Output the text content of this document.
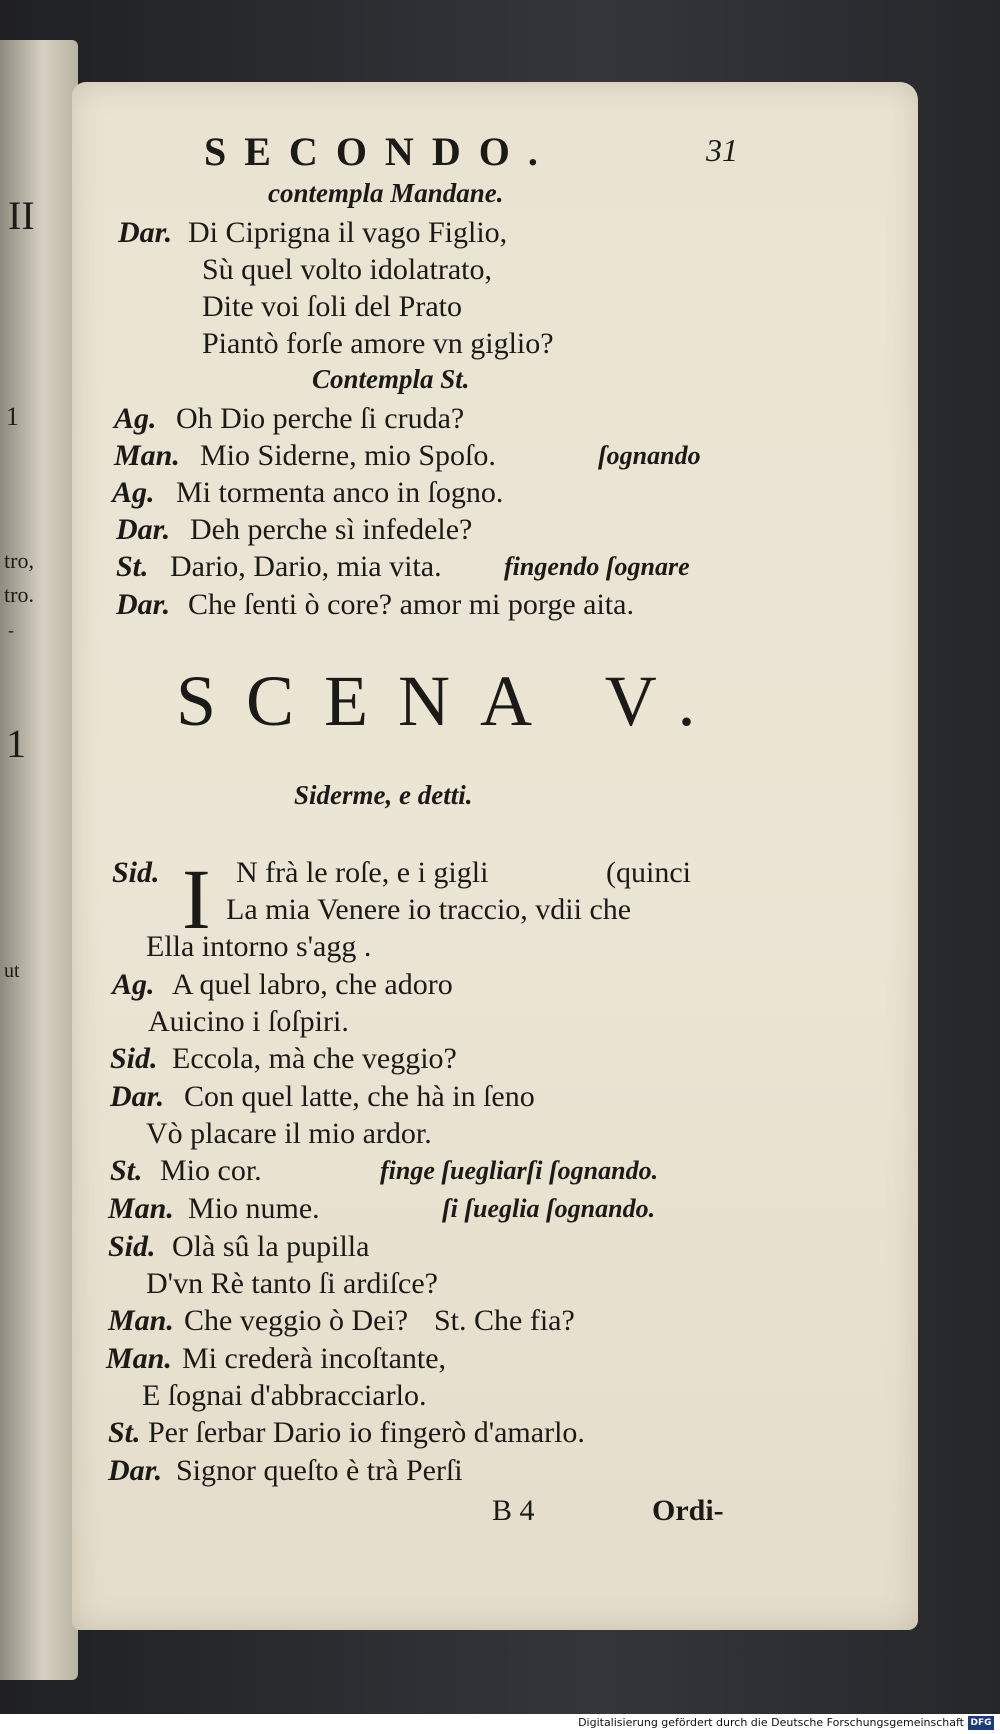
II
1
tro,
tro.
-
1
ut
SECONDO.	31
contempla Mandane.
Dar. Di Ciprigna il vago Figlio,
Sù quel volto idolatrato,
Dite voi ſoli del Prato
Piantò forſe amore vn giglio?
Contempla St.
Ag. Oh Dio perche ſi cruda?
Man. Mio Siderne, mio Spoſo.	ſognando
Ag. Mi tormenta anco in ſogno.
Dar. Deh perche sì infedele?
St. Dario, Dario, mia vita. fingendo ſognare
Dar. Che ſenti ò core? amor mi porge aita.
SCENA V.
Siderme, e detti.
Sid. I N frà le roſe, e i gigli	(quinci
La mia Venere io traccio, vdii che
Ella intorno s'agg .
Ag. A quel labro, che adoro
Auicino i ſoſpiri.
Sid. Eccola, mà che veggio?
Dar. Con quel latte, che hà in ſeno
Vò placare il mio ardor.
St. Mio cor.	finge ſuegliarſi ſognando.
Man. Mio nume.	ſi ſueglia ſognando.
Sid. Olà sû la pupilla
D'vn Rè tanto ſi ardiſce?
Man. Che veggio ò Dei? St. Che fia?
Man. Mi crederà incoſtante,
E ſognai d'abbracciarlo.
St. Per ſerbar Dario io fingerò d'amarlo.
Dar. Signor queſto è trà Perſi
B 4	Ordi-
Digitalisierung gefördert durch die Deutsche Forschungsgemeinschaft DFG
